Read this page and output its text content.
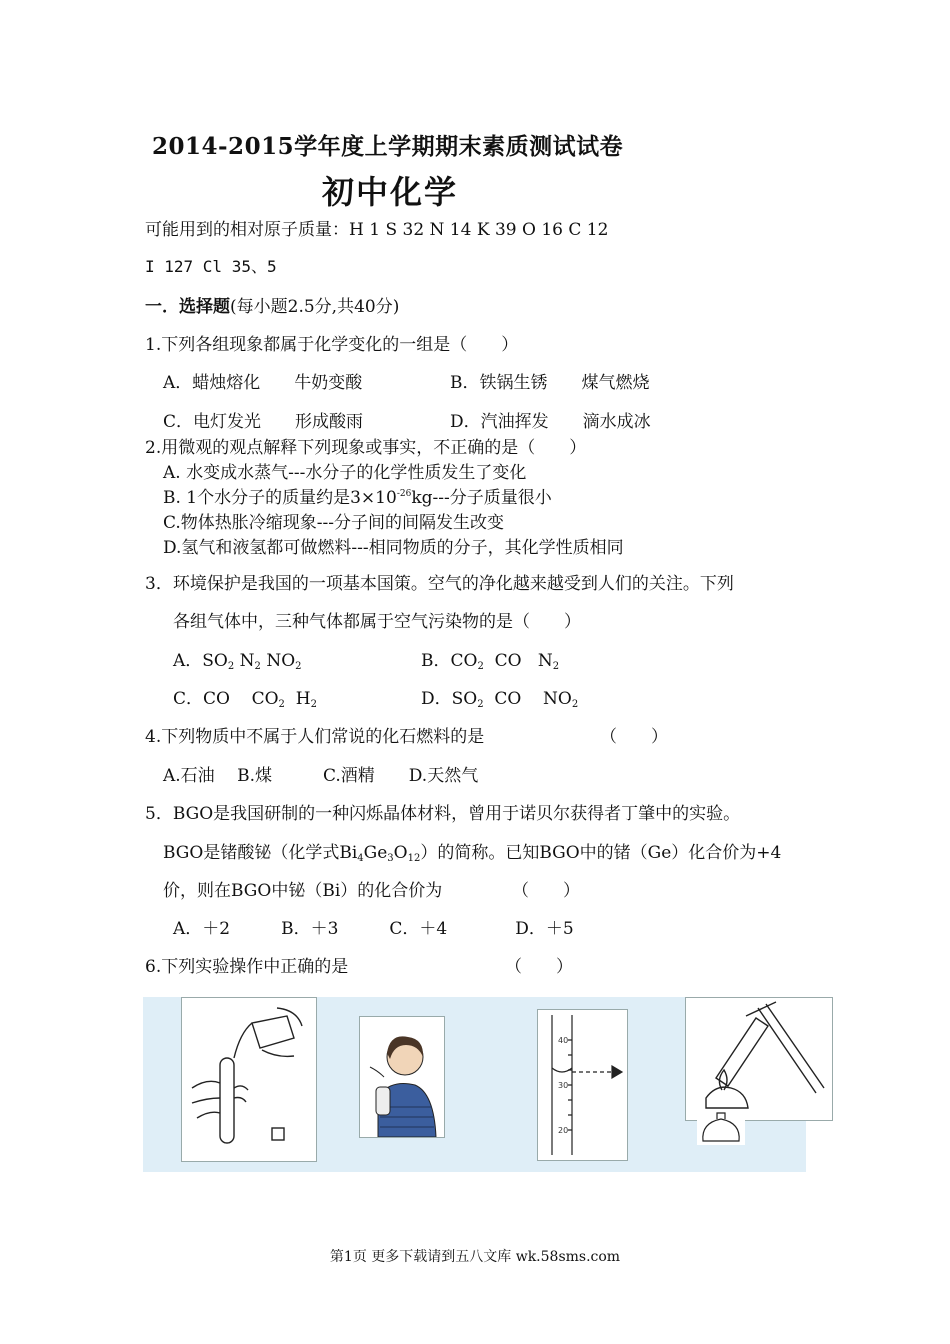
2014-2015学年度上学期期末素质测试试卷
初中化学
可能用到的相对原子质量：H 1 S 32 N 14 K 39 O 16 C 12
I 127 Cl 35、5
一．选择题(每小题2.5分,共40分)
1.下列各组现象都属于化学变化的一组是（　　）
A．蜡烛熔化　　牛奶变酸	B．铁锅生锈　　煤气燃烧
C．电灯发光　　形成酸雨	D．汽油挥发　　滴水成冰
2.用微观的观点解释下列现象或事实，不正确的是（　　）
A. 水变成水蒸气---水分子的化学性质发生了变化
B. 1个水分子的质量约是$3\times 10^{-26}kg---$分子质量很小
C.物体热胀冷缩现象---分子间的间隔发生改变
D.氢气和液氢都可做燃料---相同物质的分子，其化学性质相同
3．环境保护是我国的一项基本国策。空气的净化越来越受到人们的关注。下列
各组气体中，三种气体都属于空气污染物的是（　　）
A．$SO_2$ $N_2$ $NO_2$	B．$CO_2$ CO $N_2$
C．CO $CO_2$ $H_2$	D．$SO_2$ CO $NO_2$
4.下列物质中不属于人们常说的化石燃料的是	（　　）
A.石油　 B.煤　　　C.酒精　　D.天然气
5．BGO是我国研制的一种闪烁晶体材料，曾用于诺贝尔获得者丁肇中的实验。
BGO是锗酸铋（化学式$Bi_4Ge_3O_{12}$）的简称。已知BGO中的锗（Ge）化合价为+4
价，则在BGO中铋（Bi）的化合价为	（　　）
A．＋2　　　B．＋3　　　C．＋4　　　　D．＋5
6.下列实验操作中正确的是	（　　）
40
30
20
第1页 更多下载请到五八文库 wk.58sms.com
